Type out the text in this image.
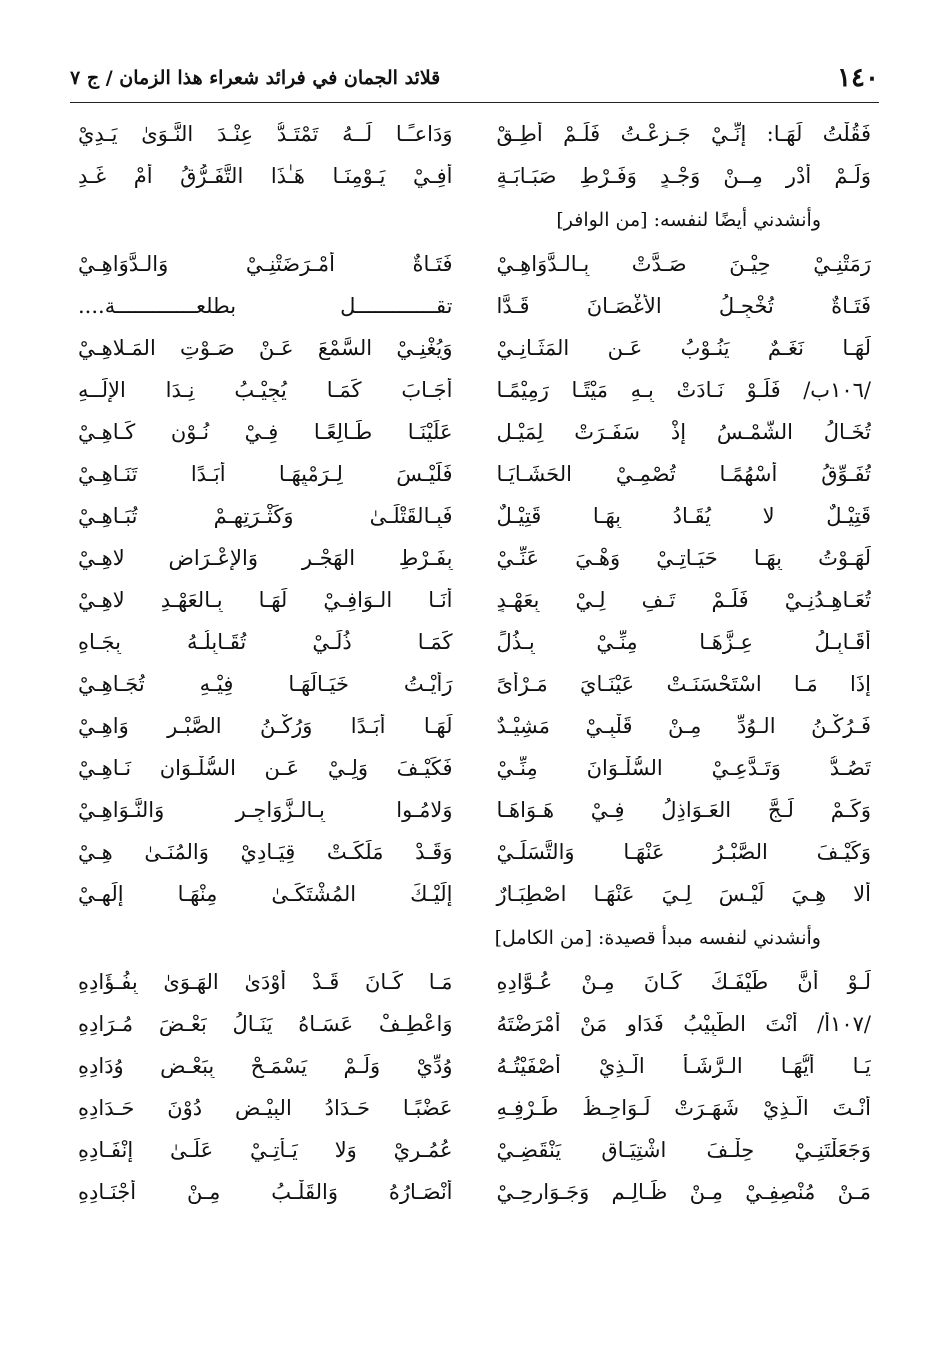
١٤٠
قلائد الجمان في فرائد شعراء هذا الزمان / ج ٧
فَقُلْتُ لَهَـا: إنِّـيْ جَـزِعْـتُ فَلَـمْ أُطِـقْ
وَدَاعـًـا لَــهُ تَمْتَـدُّ عِنْـدَ النَّـوَىٰ يَـدِيْ
وَلَـمْ أدْرِ مِــنْ وَجْـدٍ وَفَـرْطِ صَبَـابَـةٍ
أفِـيْ يَـوْمِنَـا هَـٰذَا التَّفَـرُّقُ أمْ غَـدِ
وأنشدني أيضًا لنفسه: [من الوافر]
رَمَتْنِـيْ حِيْـنَ صَـدَّتْ بِـالـدَّوَاهِـيْ
فَتَـاةٌ أمْـرَضَتْنِـيْ وَالـدَّوَاهِـيْ
فَتَـاةٌ تُخْجِـلُ الأغْصَـانَ قَـدًّا
تقـــــــــــــل بطلعـــــــــــــة....
لَهَـا نَغَـمٌ يَنُـوْبُ عَـنِ المَثَـانِـيْ
وَيُغْنِـيْ السَّمْعَ عَـنْ صَـوْتِ المَـلاهِـيْ
/١٠٦ب/ فَلَـوْ نَـادَتْ بِـهِ مَيْتًـا رَمِيْمًـا
أجَـابَ كَمَـا يُجِيْـبُ نِـدَا الإلَــهِ
تُخَـالُ الشَّمْـسُ إذْ سَفَـرَتْ لِمَيْـلٍ
عَلَيْنَـا طَـالِعًـا فِـيْ نُـوْنِ كَـاهِـيْ
تُفَـوِّقُ أسْهُمًـا تُصْمِـيْ الحَشَـايَـا
فَلَيْـسَ لِـرَمْيِهَـا أبَـدًا تَنَـاهِـيْ
قَتِيْـلٌ لا يُقَـادُ بِهَـا قَتِيْـلٌ
فَبِـالقَتْلَـىٰ وَكَثْـرَتِهِـمْ تُبَـاهِـيْ
لَهَـوْتُ بِهَـا حَيَـاتِـيْ وَهْـيَ عَنِّـيْ
بِفَـرْطِ الهَجْـرِ وَالإعْـرَاضِ لاهِـيْ
تُعَـاهِـدُنِـيْ فَلَـمْ تَـفِ لِـيْ بِعَهْـدٍ
أنَـا الـوَافِـيْ لَهَـا بِـالعَهْـدِ لاهِـيْ
أُقَـابِـلُ عِـزَّهَـا مِنِّـيْ بِـذُلٍّ
كَمَـا ذُلِّـيْ تُقَـابِلُـهُ بِجَـاهِ
إذَا مَـا اسْتَحْسَنَـتْ عَيْنَـايَ مَـرْأىً
رَأيْـتُ خَيَـالَهَـا فِيْـهِ تُجَـاهِـيْ
فَـرُكْـنُ الـوُدِّ مِـنْ قَلْبِـيْ مَشِيْـدٌ
لَهَـا أبَـدًا وَرُكْـنُ الصَّبْـرِ وَاهِـيْ
تَصُـدُّ وَتَـدَّعِـيْ السُّلْـوَانَ مِنِّـيْ
فَكَيْـفَ وَلِـيْ عَـنِ السُّلْـوَانِ نَـاهِـيْ
وَكَـمْ لَـجَّ العَـوَاذِلُ فِـيْ هَـوَاهَـا
وَلامُـوا بِـالـزَّوَاجِـرِ وَالنَّـوَاهِـيْ
وَكَيْـفَ الصَّبْـرُ عَنْهَـا وَالتَّسَلِّـيْ
وَقَـدْ مَلَكَـتْ قِيَـادِيْ وَالمُنَـىٰ هِـيْ
ألا هِـيَ لَيْـسَ لِـيَ عَنْهَـا اصْطِبَـارٌ
إلَيْـكَ المُشْتَكَـىٰ مِنْهَـا إلَهِـيْ
وأنشدني لنفسه مبدأ قصيدة: [من الكامل]
لَـوْ أنَّ طَيْفَـكَ كَـانَ مِـنْ عُـوَّادِهِ
مَـا كَـانَ قَـدْ أوْدَىٰ الهَـوَىٰ بِفُـؤَادِهِ
/١٠٧أ/ أنْتَ الطَّبِيْبُ فَدَاوِ مَنْ أمْرَضْتَهُ
وَاعْطِـفْ عَسَـاهُ يَنَـالُ بَعْـضَ مُـرَادِهِ
يَـا أيُّهَـا الـرَّشَـأُ الَّـذِيْ أصْفَيْتُـهُ
وُدِّيْ وَلَـمْ يَسْمَـحْ بِبَعْـضِ وُدَادِهِ
أنْـتَ الَّـذِيْ شَهَـرَتْ لَـوَاحِـظُ طَـرْفِـهِ
عَضْبًـا حَـدَادُ البِيْـضِ دُوْنَ حَـدَادِهِ
وَجَعَلْتَنِـيْ حِلْـفَ اشْتِيَـاقٍ يَنْقَضِـيْ
عُمُـرِيْ وَلا يَـأتِـيْ عَلَـىٰ إنْفَـادِهِ
مَـنْ مُنْصِفِـيْ مِـنْ ظَـالِـمٍ وَجَـوَارِحِـيْ
أنْصَـارُهُ وَالقَلْـبُ مِـنْ أجْنَـادِهِ
